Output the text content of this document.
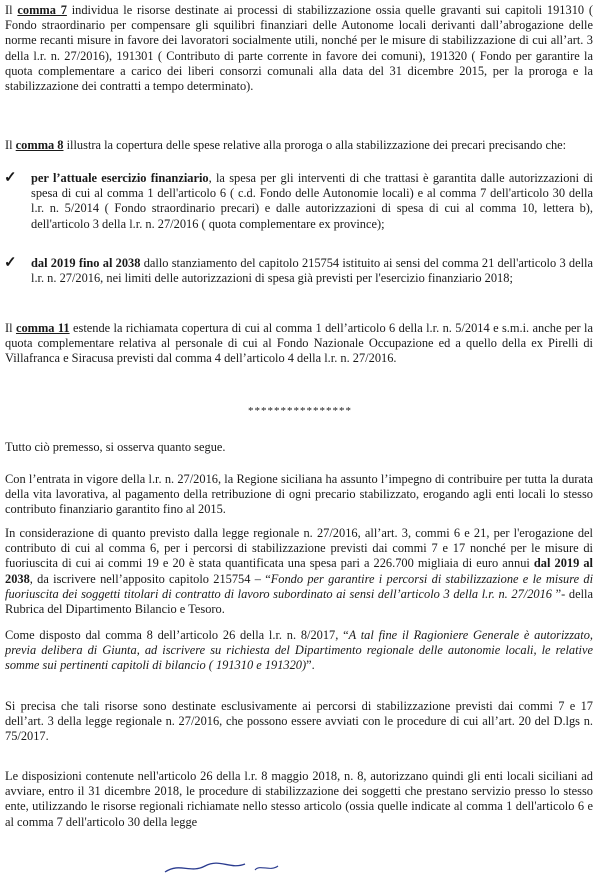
Il comma 7 individua le risorse destinate ai processi di stabilizzazione ossia quelle gravanti sui capitoli 191310 ( Fondo straordinario per compensare gli squilibri finanziari delle Autonome locali derivanti dall’abrogazione delle norme recanti misure in favore dei lavoratori socialmente utili, nonché per le misure di stabilizzazione di cui all’art. 3 della l.r. n. 27/2016), 191301 ( Contributo di parte corrente in favore dei comuni), 191320 ( Fondo per garantire la quota complementare a carico dei liberi consorzi comunali alla data del 31 dicembre 2015, per la proroga e la stabilizzazione dei contratti a tempo determinato).

Il comma 8 illustra la copertura delle spese relative alla proroga o alla stabilizzazione dei precari precisando che:

✓ per l’attuale esercizio finanziario, la spesa per gli interventi di che trattasi è garantita dalle autorizzazioni di spesa di cui al comma 1 dell'articolo 6 ( c.d. Fondo delle Autonomie locali) e al comma 7 dell'articolo 30 della l.r. n. 5/2014 ( Fondo straordinario precari) e dalle autorizzazioni di spesa di cui al comma 10, lettera b), dell'articolo 3 della l.r. n. 27/2016 ( quota complementare ex province);

✓ dal 2019 fino al 2038 dallo stanziamento del capitolo 215754 istituito ai sensi del comma 21 dell'articolo 3 della l.r. n. 27/2016, nei limiti delle autorizzazioni di spesa già previsti per l'esercizio finanziario 2018;

Il comma 11 estende la richiamata copertura di cui al comma 1 dell’articolo 6 della l.r. n. 5/2014 e s.m.i. anche per la quota complementare relativa al personale di cui al Fondo Nazionale Occupazione ed a quello della ex Pirelli di Villafranca e Siracusa previsti dal comma 4 dell’articolo 4 della l.r. n. 27/2016.

****************

Tutto ciò premesso, si osserva quanto segue.

Con l’entrata in vigore della l.r. n. 27/2016, la Regione siciliana ha assunto l’impegno di contribuire per tutta la durata della vita lavorativa, al pagamento della retribuzione di ogni precario stabilizzato, erogando agli enti locali lo stesso contributo finanziario garantito fino al 2015.

In considerazione di quanto previsto dalla legge regionale n. 27/2016, all’art. 3, commi 6 e 21, per l'erogazione del contributo di cui al comma 6, per i percorsi di stabilizzazione previsti dai commi 7 e 17 nonché per le misure di fuoriuscita di cui ai commi 19 e 20 è stata quantificata una spesa pari a 226.700 migliaia di euro annui dal 2019 al 2038, da iscrivere nell’apposito capitolo 215754 – “Fondo per garantire i percorsi di stabilizzazione e le misure di fuoriuscita dei soggetti titolari di contratto di lavoro subordinato ai sensi dell’articolo 3 della l.r. n. 27/2016 ”- della Rubrica del Dipartimento Bilancio e Tesoro.

Come disposto dal comma 8 dell’articolo 26 della l.r. n. 8/2017, “A tal fine il Ragioniere Generale è autorizzato, previa delibera di Giunta, ad iscrivere su richiesta del Dipartimento regionale delle autonomie locali, le relative somme sui pertinenti capitoli di bilancio ( 191310 e 191320)”.

Si precisa che tali risorse sono destinate esclusivamente ai percorsi di stabilizzazione previsti dai commi 7 e 17 dell’art. 3 della legge regionale n. 27/2016, che possono essere avviati con le procedure di cui all’art. 20 del D.lgs n. 75/2017.

Le disposizioni contenute nell'articolo 26 della l.r. 8 maggio 2018, n. 8, autorizzano quindi gli enti locali siciliani ad avviare, entro il 31 dicembre 2018, le procedure di stabilizzazione dei soggetti che prestano servizio presso lo stesso ente, utilizzando le risorse regionali richiamate nello stesso articolo (ossia quelle indicate al comma 1 dell'articolo 6 e al comma 7 dell'articolo 30 della legge
